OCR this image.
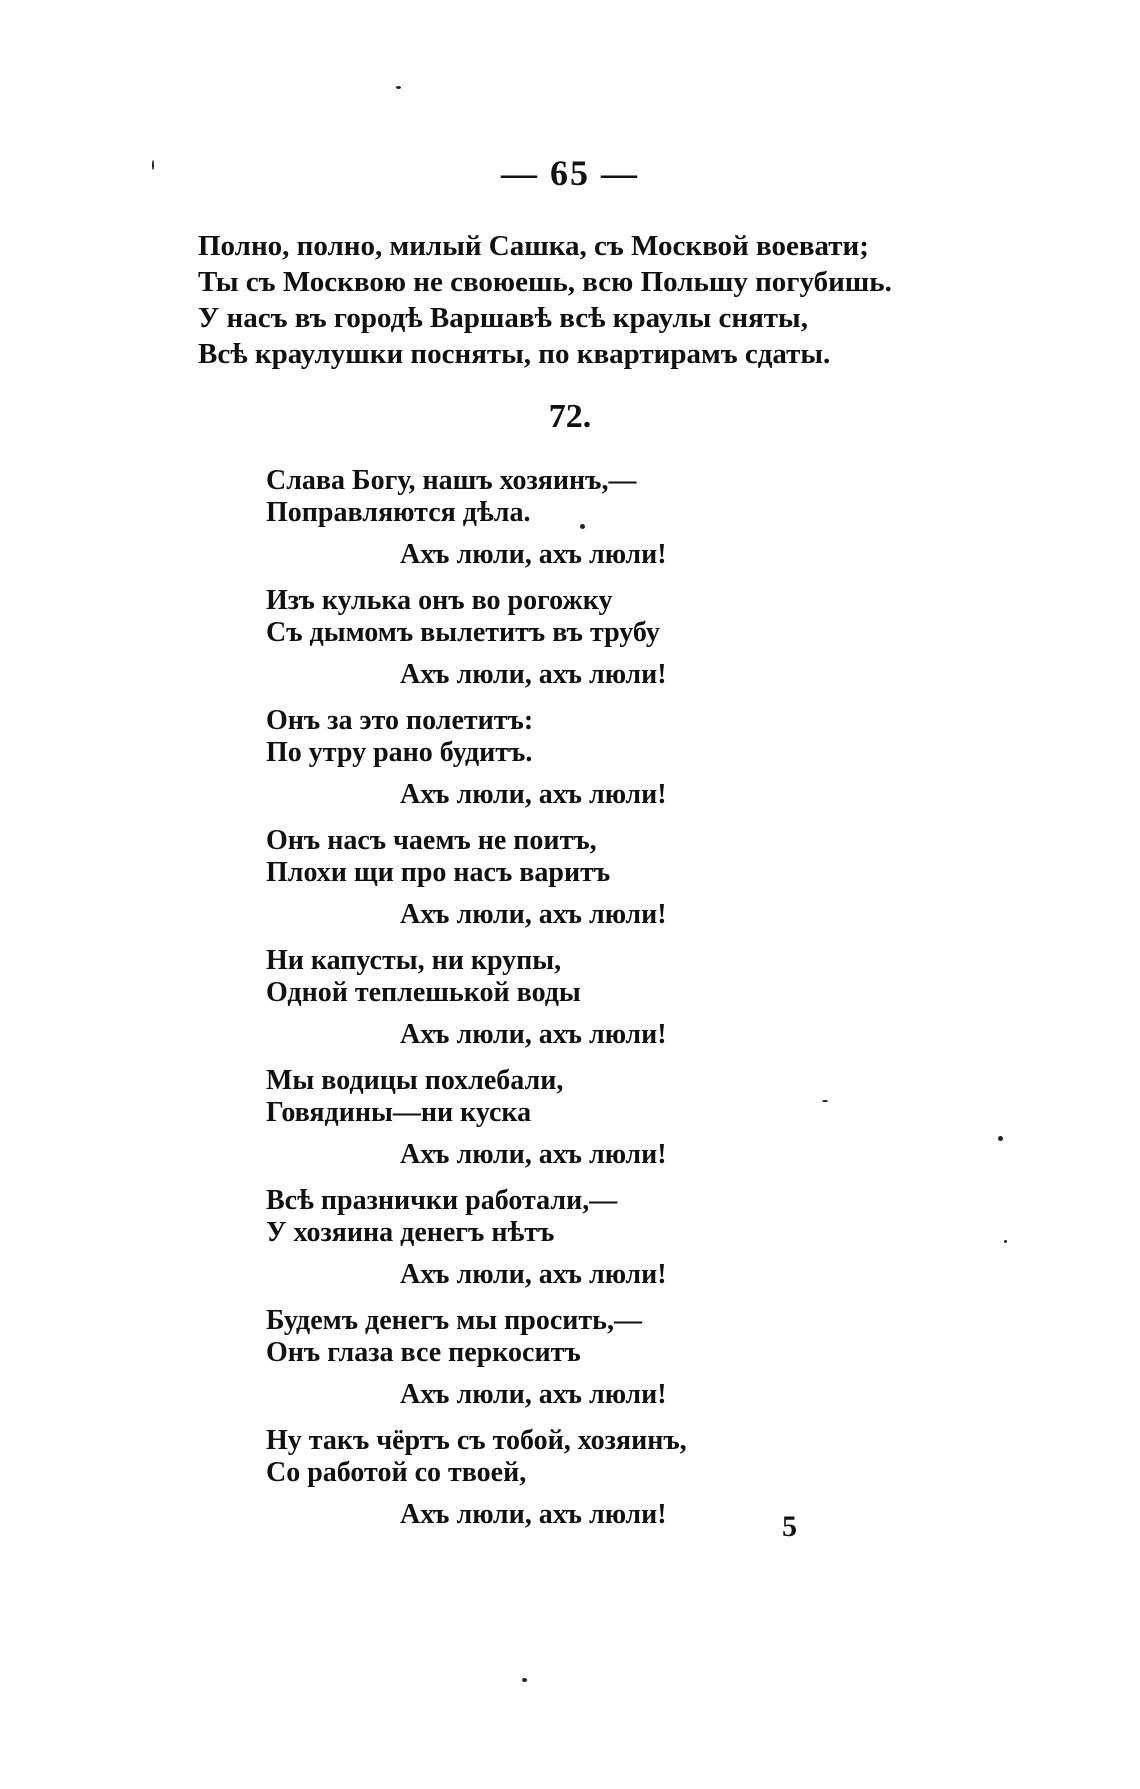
— 65 —
Полно, полно, милый Сашка, съ Москвой воевати;
Ты съ Москвою не своюешь, всю Польшу погубишь.
У насъ въ городѣ Варшавѣ всѣ краулы сняты,
Всѣ краулушки посняты, по квартирамъ сдаты.
72.
Слава Богу, нашъ хозяинъ,—
Поправляются дѣла.
Ахъ люли, ахъ люли!
Изъ кулька онъ во рогожку
Съ дымомъ вылетитъ въ трубу
Ахъ люли, ахъ люли!
Онъ за это полетитъ:
По утру рано будитъ.
Ахъ люли, ахъ люли!
Онъ насъ чаемъ не поитъ,
Плохи щи про насъ варитъ
Ахъ люли, ахъ люли!
Ни капусты, ни крупы,
Одной теплешькой воды
Ахъ люли, ахъ люли!
Мы водицы похлебали,
Говядины—ни куска
Ахъ люли, ахъ люли!
Всѣ празнички работали,—
У хозяина денегъ нѣтъ
Ахъ люли, ахъ люли!
Будемъ денегъ мы просить,—
Онъ глаза все перкоситъ
Ахъ люли, ахъ люли!
Ну такъ чёртъ съ тобой, хозяинъ,
Со работой со твоей,
Ахъ люли, ахъ люли!	5
